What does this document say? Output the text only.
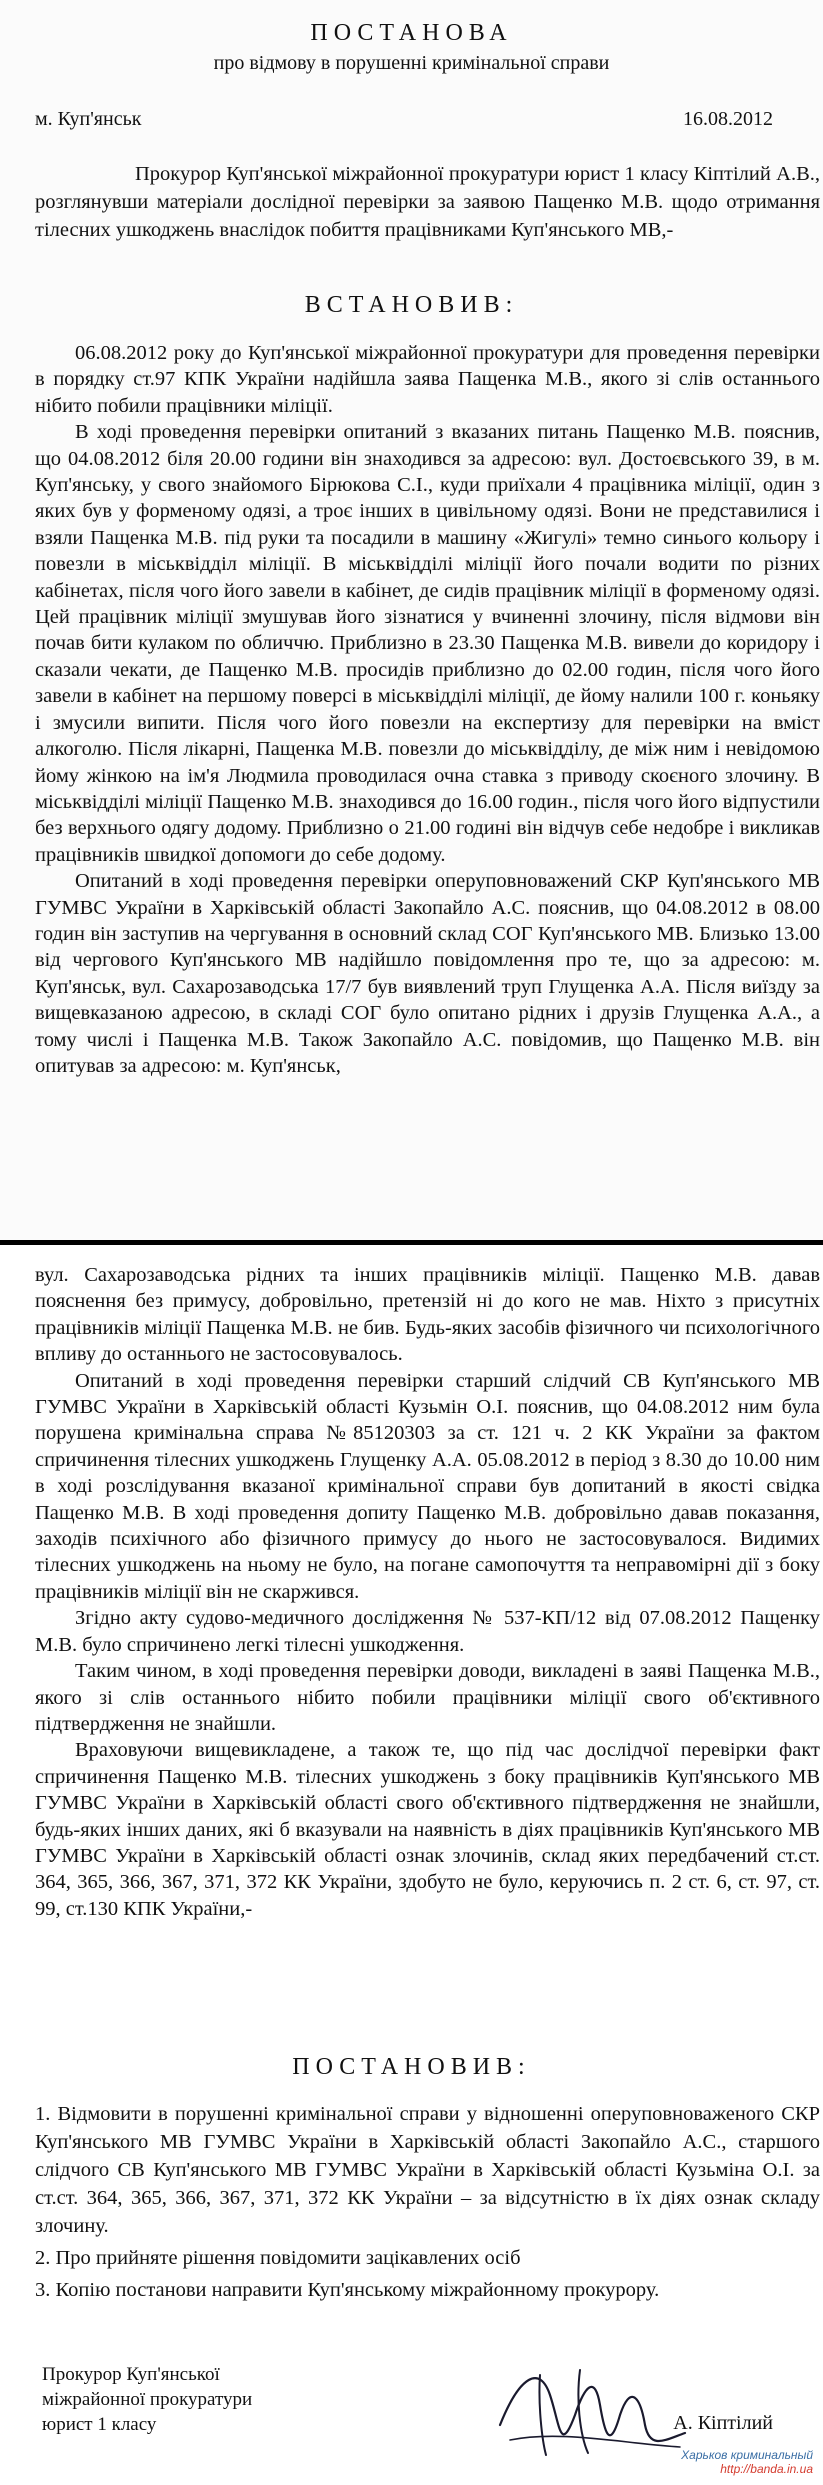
ПОСТАНОВА
про відмову в порушенні кримінальної справи
м. Куп'янськ	16.08.2012
Прокурор Куп'янської міжрайонної прокуратури юрист 1 класу Кіптілий А.В., розглянувши матеріали дослідної перевірки за заявою Пащенко М.В. щодо отримання тілесних ушкоджень внаслідок побиття працівниками Куп'янського МВ,-
ВСТАНОВИВ:

06.08.2012 року до Куп'янської міжрайонної прокуратури для проведення перевірки в порядку ст.97 КПК України надійшла заява Пащенка М.В., якого зі слів останнього нібито побили працівники міліції.

В ході проведення перевірки опитаний з вказаних питань Пащенко М.В. пояснив, що 04.08.2012 біля 20.00 години він знаходився за адресою: вул. Достоєвського 39, в м. Куп'янську, у свого знайомого Бірюкова С.І., куди приїхали 4 працівника міліції, один з яких був у форменому одязі, а троє інших в цивільному одязі. Вони не представилися і взяли Пащенка М.В. під руки та посадили в машину «Жигулі» темно синього кольору і повезли в міськвідділ міліції. В міськвідділі міліції його почали водити по різних кабінетах, після чого його завели в кабінет, де сидів працівник міліції в форменому одязі. Цей працівник міліції змушував його зізнатися у вчиненні злочину, після відмови він почав бити кулаком по обличчю. Приблизно в 23.30 Пащенка М.В. вивели до коридору і сказали чекати, де Пащенко М.В. просидів приблизно до 02.00 годин, після чого його завели в кабінет на першому поверсі в міськвідділі міліції, де йому налили 100 г. коньяку і змусили випити. Після чого його повезли на експертизу для перевірки на вміст алкоголю. Після лікарні, Пащенка М.В. повезли до міськвідділу, де між ним і невідомою йому жінкою на ім'я Людмила проводилася очна ставка з приводу скоєного злочину. В міськвідділі міліції Пащенко М.В. знаходився до 16.00 годин., після чого його відпустили без верхнього одягу додому. Приблизно о 21.00 годині він відчув себе недобре і викликав працівників швидкої допомоги до себе додому.

Опитаний в ході проведення перевірки оперуповноважений СКР Куп'янського МВ ГУМВС України в Харківській області Закопайло А.С. пояснив, що 04.08.2012 в 08.00 годин він заступив на чергування в основний склад СОГ Куп'янського МВ. Близько 13.00 від чергового Куп'янського МВ надійшло повідомлення про те, що за адресою: м. Куп'янськ, вул. Сахарозаводська 17/7 був виявлений труп Глущенка А.А. Після виїзду за вищевказаною адресою, в складі СОГ було опитано рідних і друзів Глущенка А.А., а тому числі і Пащенка М.В. Також Закопайло А.С. повідомив, що Пащенко М.В. він опитував за адресою: м. Куп'янськ,

вул. Сахарозаводська рідних та інших працівників міліції. Пащенко М.В. давав пояснення без примусу, добровільно, претензій ні до кого не мав. Ніхто з присутніх працівників міліції Пащенка М.В. не бив. Будь-яких засобів фізичного чи психологічного впливу до останнього не застосовувалось.

Опитаний в ході проведення перевірки старший слідчий СВ Куп'янського МВ ГУМВС України в Харківській області Кузьмін О.І. пояснив, що 04.08.2012 ним була порушена кримінальна справа №85120303 за ст. 121 ч. 2 КК України за фактом спричинення тілесних ушкоджень Глущенку А.А. 05.08.2012 в період з 8.30 до 10.00 ним в ході розслідування вказаної кримінальної справи був допитаний в якості свідка Пащенко М.В. В ході проведення допиту Пащенко М.В. добровільно давав показання, заходів психічного або фізичного примусу до нього не застосовувалося. Видимих тілесних ушкоджень на ньому не було, на погане самопочуття та неправомірні дії з боку працівників міліції він не скаржився.

Згідно акту судово-медичного дослідження № 537-КП/12 від 07.08.2012 Пащенку М.В. було спричинено легкі тілесні ушкодження.

Таким чином, в ході проведення перевірки доводи, викладені в заяві Пащенка М.В., якого зі слів останнього нібито побили працівники міліції свого об'єктивного підтвердження не знайшли.

Враховуючи вищевикладене, а також те, що під час дослідчої перевірки факт спричинення Пащенко М.В. тілесних ушкоджень з боку працівників Куп'янського МВ ГУМВС України в Харківській області свого об'єктивного підтвердження не знайшли, будь-яких інших даних, які б вказували на наявність в діях працівників Куп'янського МВ ГУМВС України в Харківській області ознак злочинів, склад яких передбачений ст.ст. 364, 365, 366, 367, 371, 372 КК України, здобуто не було, керуючись п. 2 ст. 6, ст. 97, ст. 99, ст.130 КПК України,-

ПОСТАНОВИВ:
1. Відмовити в порушенні кримінальної справи у відношенні оперуповноваженого СКР Куп'янського МВ ГУМВС України в Харківській області Закопайло А.С., старшого слідчого СВ Куп'янського МВ ГУМВС України в Харківській області Кузьміна О.І. за ст.ст. 364, 365, 366, 367, 371, 372 КК України – за відсутністю в їх діях ознак складу злочину.
2. Про прийняте рішення повідомити зацікавлених осіб
3. Копію постанови направити Куп'янському міжрайонному прокурору.
Прокурор Куп'янської
міжрайонної прокуратури
юрист 1 класу	А. Кіптілий
Харьков криминальный
http://banda.in.ua
